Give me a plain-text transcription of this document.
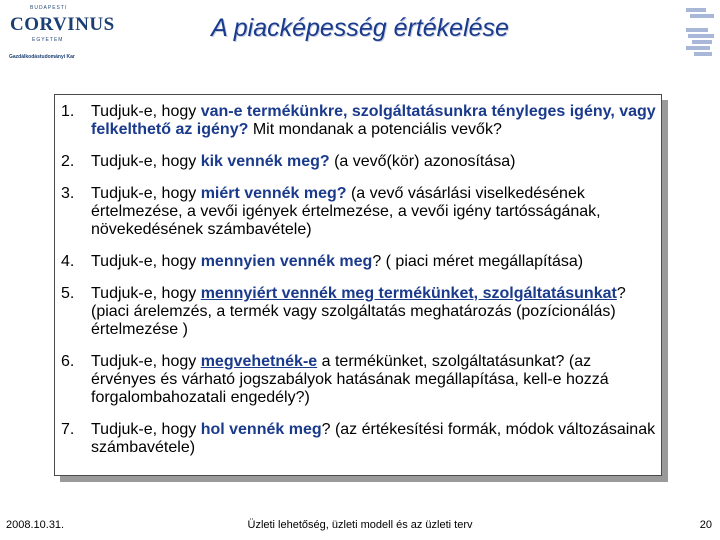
BUDAPESTI
CORVINUS
EGYETEM
Gazdálkodástudományi Kar
A piacképesség értékelése
1. Tudjuk-e, hogy van-e termékünkre, szolgáltatásunkra tényleges igény, vagy felkelthető az igény? Mit mondanak a potenciális vevők?
2. Tudjuk-e, hogy kik vennék meg? (a vevő(kör) azonosítása)
3. Tudjuk-e, hogy miért vennék meg? (a vevő vásárlási viselkedésének értelmezése, a vevői igények értelmezése, a vevői igény tartósságának, növekedésének számbavétele)
4. Tudjuk-e, hogy mennyien vennék meg? ( piaci méret megállapítása)
5. Tudjuk-e, hogy mennyiért vennék meg termékünket, szolgáltatásunkat? (piaci árelemzés, a termék vagy szolgáltatás meghatározás (pozícionálás) értelmezése )
6. Tudjuk-e, hogy megvehetnék-e a termékünket, szolgáltatásunkat? (az érvényes és várható jogszabályok hatásának megállapítása, kell-e hozzá forgalombahozatali engedély?)
7. Tudjuk-e, hogy hol vennék meg? (az értékesítési formák, módok változásainak számbavétele)
2008.10.31.	Üzleti lehetőség, üzleti modell és az üzleti terv	20
